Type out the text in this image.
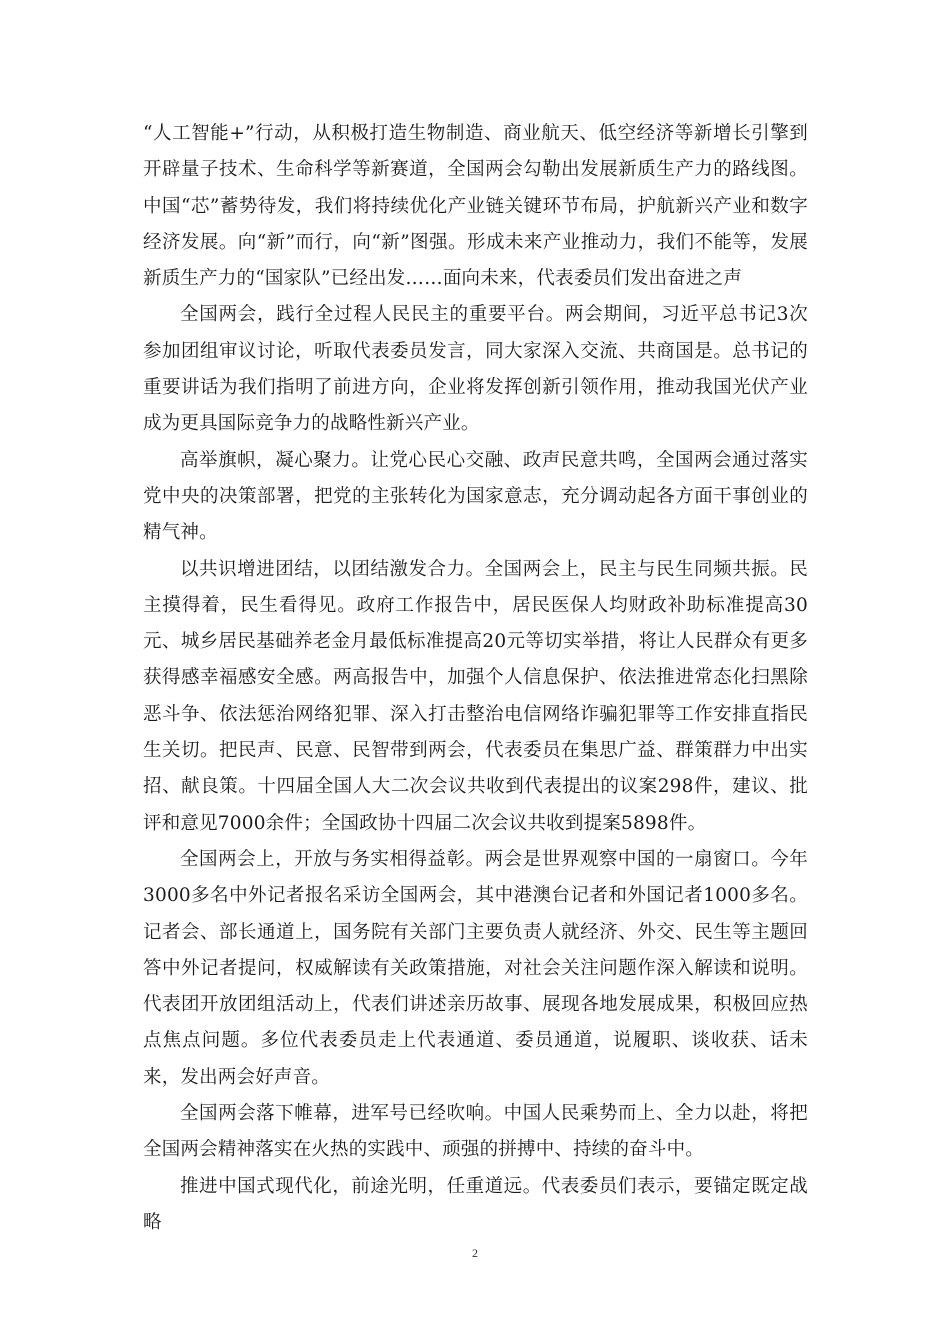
“人工智能+”行动，从积极打造生物制造、商业航天、低空经济等新增长引擎到开辟量子技术、生命科学等新赛道，全国两会勾勒出发展新质生产力的路线图。中国“芯”蓄势待发，我们将持续优化产业链关键环节布局，护航新兴产业和数字经济发展。向“新”而行，向“新”图强。形成未来产业推动力，我们不能等，发展新质生产力的“国家队”已经出发……面向未来，代表委员们发出奋进之声

全国两会，践行全过程人民民主的重要平台。两会期间，习近平总书记3次参加团组审议讨论，听取代表委员发言，同大家深入交流、共商国是。总书记的重要讲话为我们指明了前进方向，企业将发挥创新引领作用，推动我国光伏产业成为更具国际竞争力的战略性新兴产业。

高举旗帜，凝心聚力。让党心民心交融、政声民意共鸣，全国两会通过落实党中央的决策部署，把党的主张转化为国家意志，充分调动起各方面干事创业的精气神。

以共识增进团结，以团结激发合力。全国两会上，民主与民生同频共振。民主摸得着，民生看得见。政府工作报告中，居民医保人均财政补助标准提高30元、城乡居民基础养老金月最低标准提高20元等切实举措，将让人民群众有更多获得感幸福感安全感。两高报告中，加强个人信息保护、依法推进常态化扫黑除恶斗争、依法惩治网络犯罪、深入打击整治电信网络诈骗犯罪等工作安排直指民生关切。把民声、民意、民智带到两会，代表委员在集思广益、群策群力中出实招、献良策。十四届全国人大二次会议共收到代表提出的议案298件，建议、批评和意见7000余件；全国政协十四届二次会议共收到提案5898件。

全国两会上，开放与务实相得益彰。两会是世界观察中国的一扇窗口。今年3000多名中外记者报名采访全国两会，其中港澳台记者和外国记者1000多名。记者会、部长通道上，国务院有关部门主要负责人就经济、外交、民生等主题回答中外记者提问，权威解读有关政策措施，对社会关注问题作深入解读和说明。代表团开放团组活动上，代表们讲述亲历故事、展现各地发展成果，积极回应热点焦点问题。多位代表委员走上代表通道、委员通道，说履职、谈收获、话未来，发出两会好声音。

全国两会落下帷幕，进军号已经吹响。中国人民乘势而上、全力以赴，将把全国两会精神落实在火热的实践中、顽强的拼搏中、持续的奋斗中。

推进中国式现代化，前途光明，任重道远。代表委员们表示，要锚定既定战略

2
